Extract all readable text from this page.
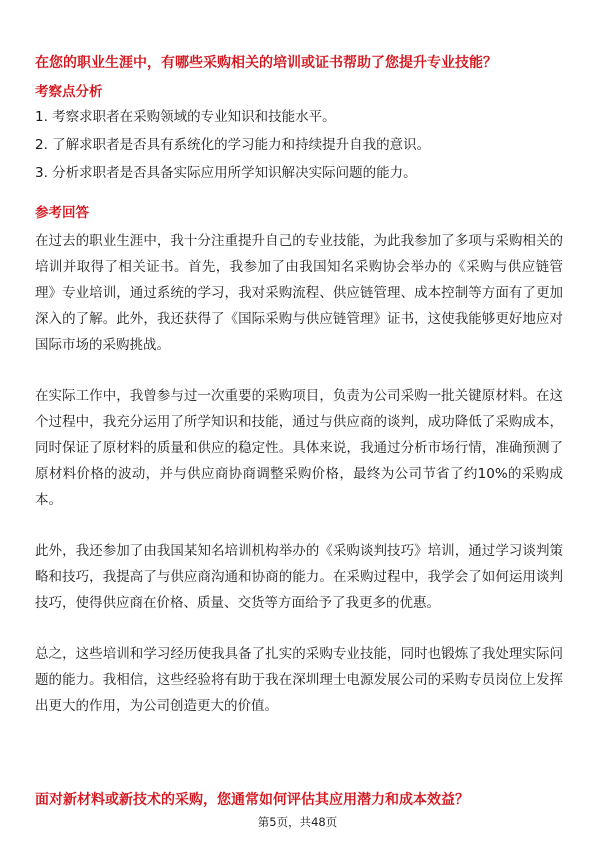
在您的职业生涯中，有哪些采购相关的培训或证书帮助了您提升专业技能？
考察点分析
1. 考察求职者在采购领域的专业知识和技能水平。
2. 了解求职者是否具有系统化的学习能力和持续提升自我的意识。
3. 分析求职者是否具备实际应用所学知识解决实际问题的能力。
参考回答

在过去的职业生涯中，我十分注重提升自己的专业技能，为此我参加了多项与采购相关的培训并取得了相关证书。首先，我参加了由我国知名采购协会举办的《采购与供应链管理》专业培训，通过系统的学习，我对采购流程、供应链管理、成本控制等方面有了更加深入的了解。此外，我还获得了《国际采购与供应链管理》证书，这使我能够更好地应对国际市场的采购挑战。

在实际工作中，我曾参与过一次重要的采购项目，负责为公司采购一批关键原材料。在这个过程中，我充分运用了所学知识和技能，通过与供应商的谈判，成功降低了采购成本，同时保证了原材料的质量和供应的稳定性。具体来说，我通过分析市场行情，准确预测了原材料价格的波动，并与供应商协商调整采购价格，最终为公司节省了约10%的采购成本。

此外，我还参加了由我国某知名培训机构举办的《采购谈判技巧》培训，通过学习谈判策略和技巧，我提高了与供应商沟通和协商的能力。在采购过程中，我学会了如何运用谈判技巧，使得供应商在价格、质量、交货等方面给予了我更多的优惠。

总之，这些培训和学习经历使我具备了扎实的采购专业技能，同时也锻炼了我处理实际问题的能力。我相信，这些经验将有助于我在深圳理士电源发展公司的采购专员岗位上发挥出更大的作用，为公司创造更大的价值。

面对新材料或新技术的采购，您通常如何评估其应用潜力和成本效益？
第5页，共48页
